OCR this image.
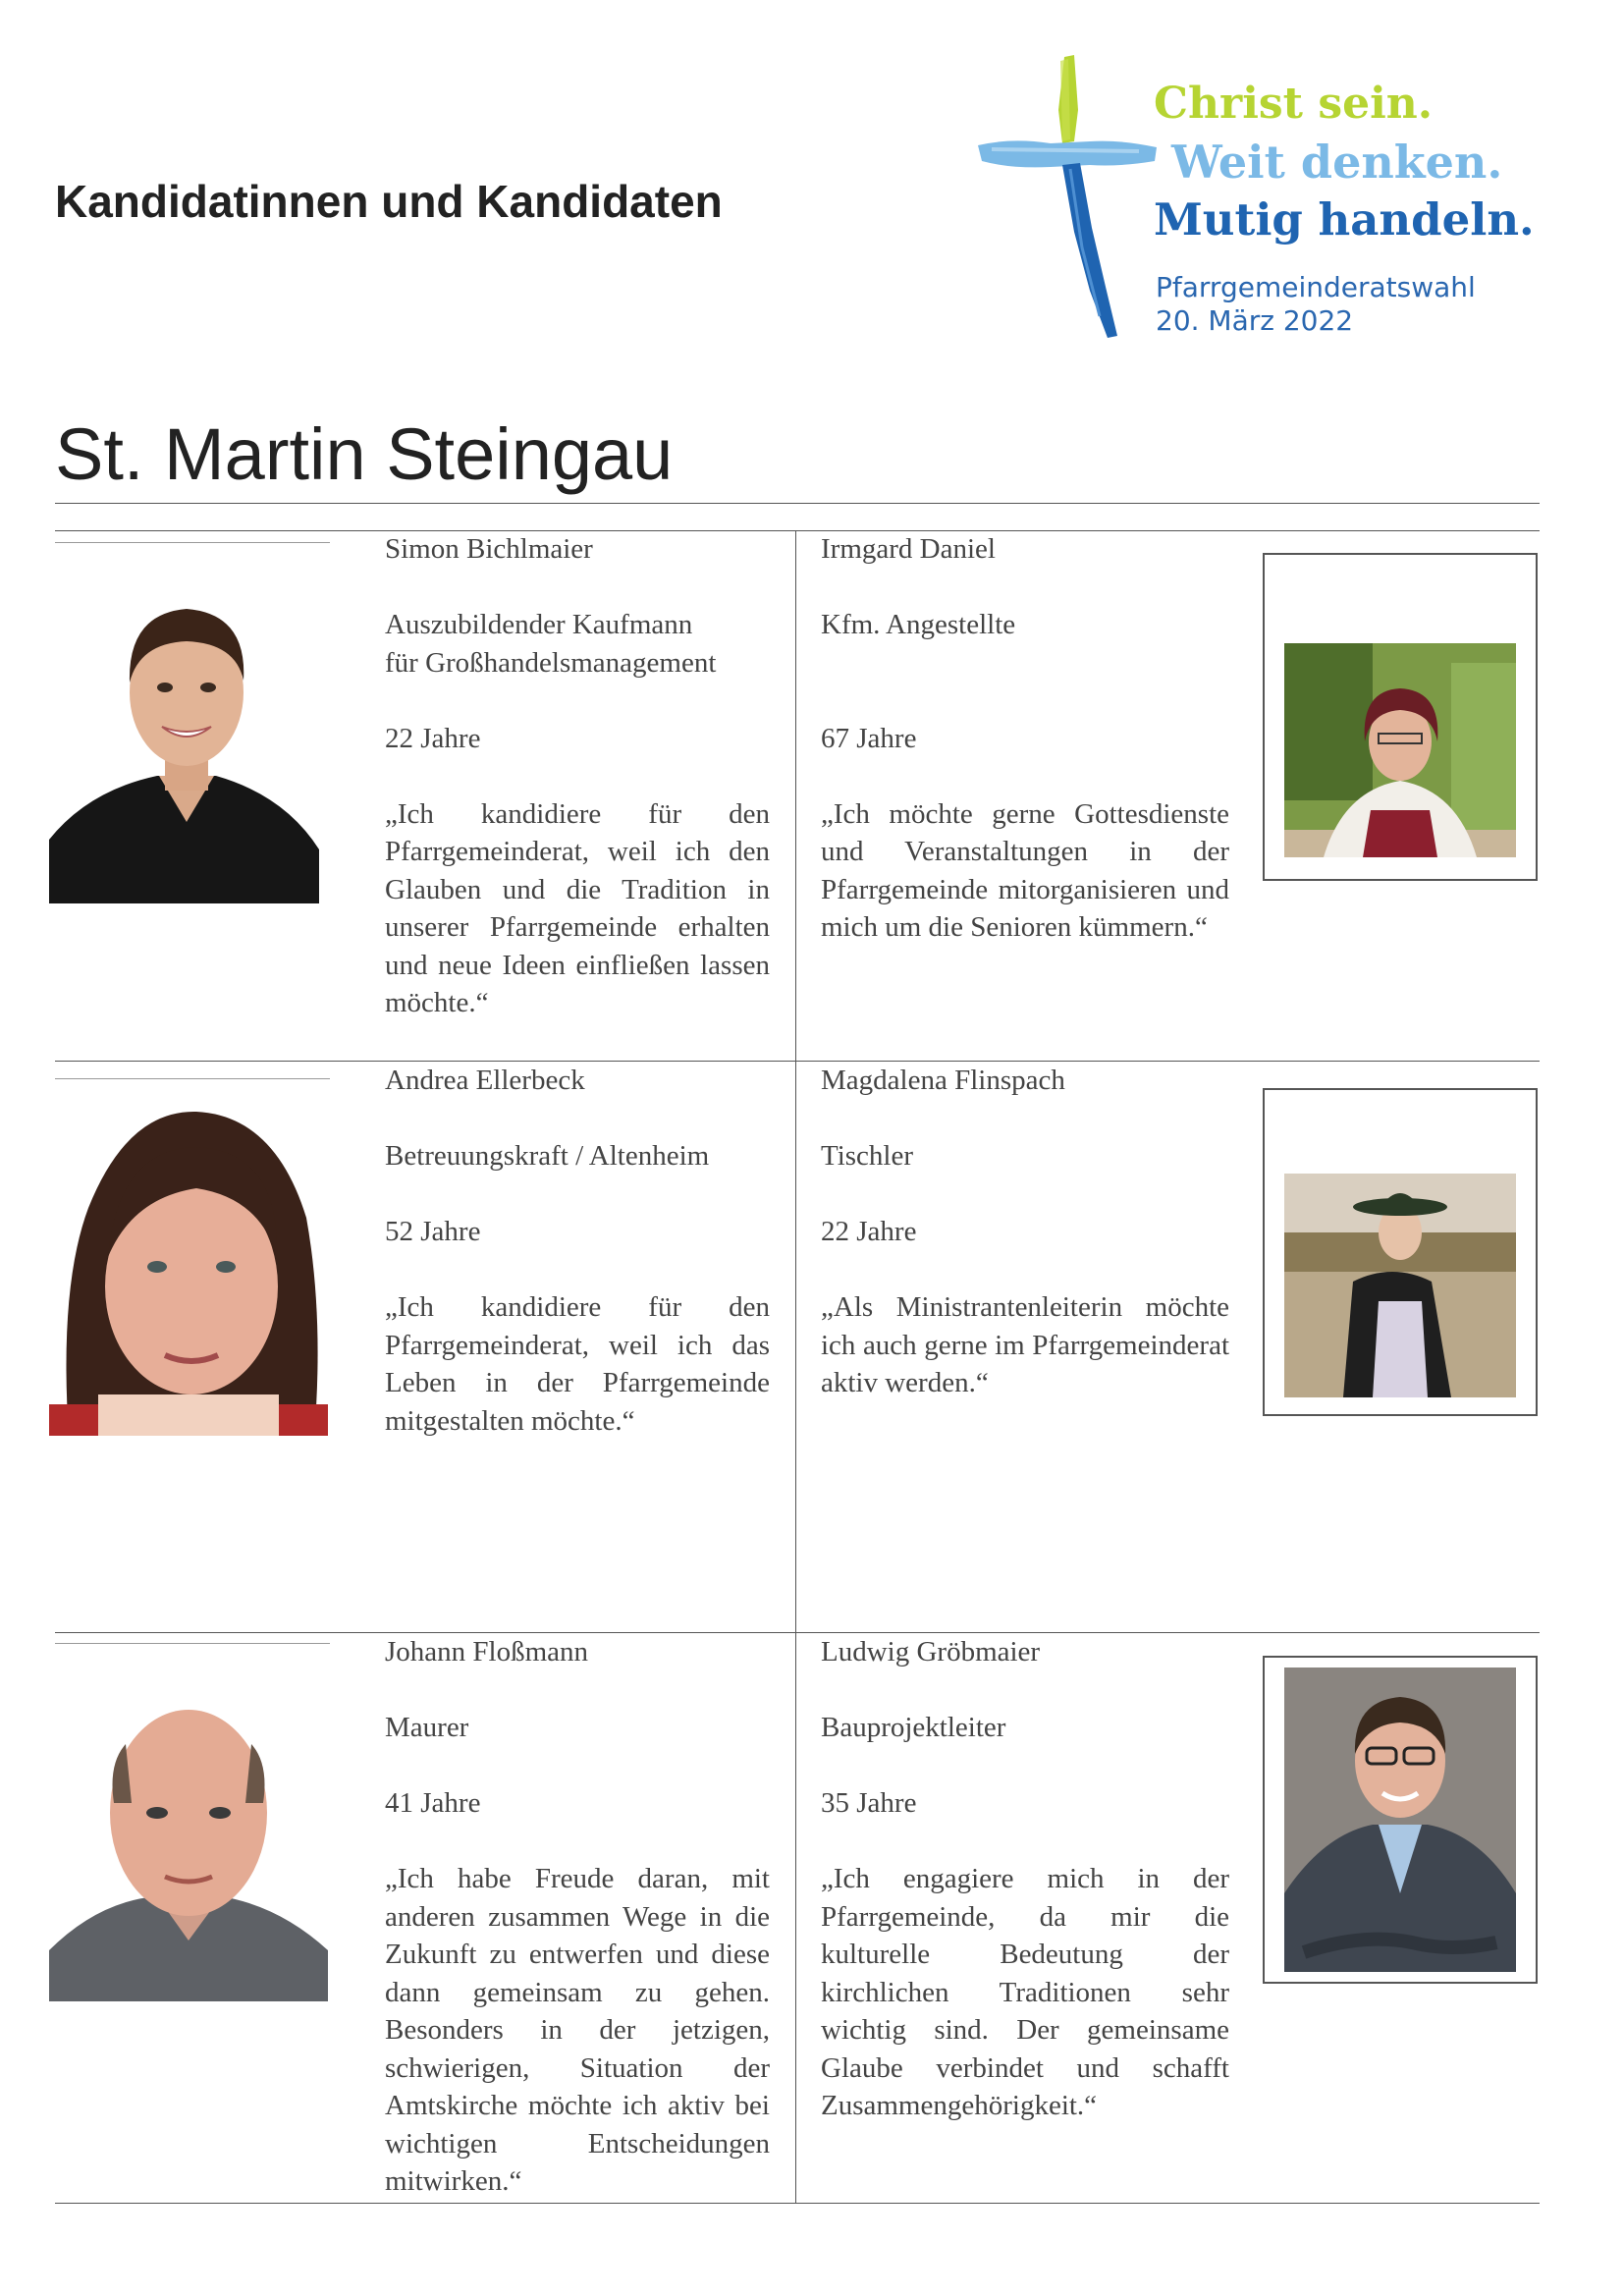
Kandidatinnen und Kandidaten
Christ sein.
Weit denken.
Mutig handeln.
Pfarrgemeinderatswahl
20. März 2022
St. Martin Steingau

Simon Bichlmaier

Auszubildender Kaufmann

für Großhandelsmanagement

22 Jahre

„Ich kandidiere für den Pfarrgemeinderat, weil ich den Glauben und die Tradition in unserer Pfarrgemeinde erhalten und neue Ideen einfließen lassen möchte.“

Irmgard Daniel

Kfm. Angestellte

67 Jahre

„Ich möchte gerne Gottesdienste und Veranstaltungen in der Pfarrgemeinde mitorganisieren und mich um die Senioren kümmern.“

Andrea Ellerbeck

Betreuungskraft / Altenheim

52 Jahre

„Ich kandidiere für den Pfarrgemeinderat, weil ich das Leben in der Pfarrgemeinde mitgestalten möchte.“

Magdalena Flinspach

Tischler

22 Jahre

„Als Ministrantenleiterin möchte ich auch gerne im Pfarrgemeinderat aktiv werden.“

Johann Floßmann

Maurer

41 Jahre

„Ich habe Freude daran, mit anderen zusammen Wege in die Zukunft zu entwerfen und diese dann gemeinsam zu gehen. Besonders in der jetzigen, schwierigen, Situation der Amtskirche möchte ich aktiv bei wichtigen Entscheidungen mitwirken.“

Ludwig Gröbmaier

Bauprojektleiter

35 Jahre

„Ich engagiere mich in der Pfarrgemeinde, da mir die kulturelle Bedeutung der kirchlichen Traditionen sehr wichtig sind. Der gemeinsame Glaube verbindet und schafft Zusammengehörigkeit.“
